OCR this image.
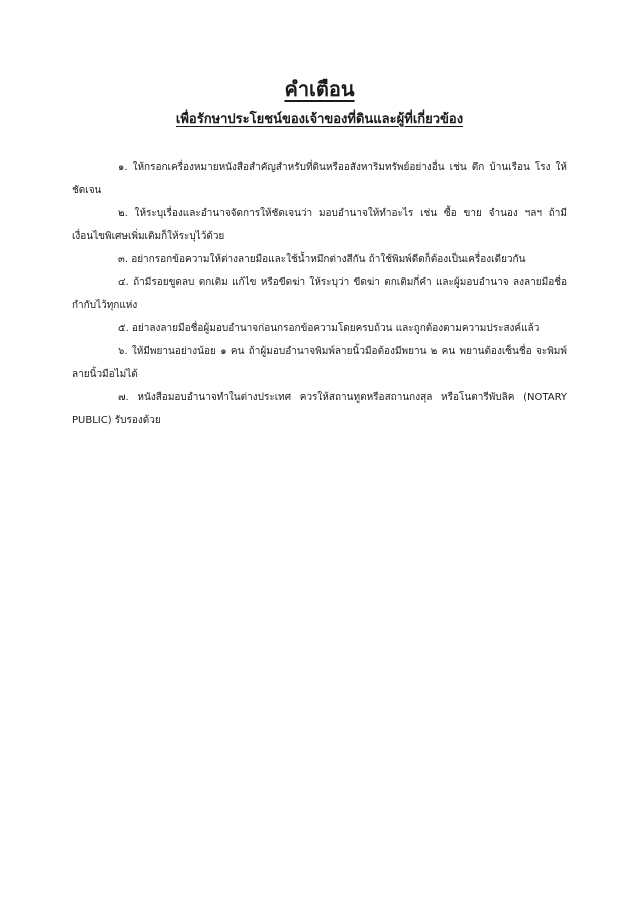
คำเตือน
เพื่อรักษาประโยชน์ของเจ้าของที่ดินและผู้ที่เกี่ยวข้อง

๑. ให้กรอกเครื่องหมายหนังสือสำคัญสำหรับที่ดินหรืออสังหาริมทรัพย์อย่างอื่น เช่น ตึก บ้านเรือน โรง ให้ชัดเจน

๒. ให้ระบุเรื่องและอำนาจจัดการให้ชัดเจนว่า มอบอำนาจให้ทำอะไร เช่น ซื้อ ขาย จำนอง ฯลฯ ถ้ามีเงื่อนไขพิเศษเพิ่มเติมก็ให้ระบุไว้ด้วย

๓. อย่ากรอกข้อความให้ต่างลายมือและใช้น้ำหมึกต่างสีกัน ถ้าใช้พิมพ์ดีดก็ต้องเป็นเครื่องเดียวกัน

๔. ถ้ามีรอยขูดลบ ตกเติม แก้ไข หรือขีดฆ่า ให้ระบุว่า ขีดฆ่า ตกเติมกี่คำ และผู้มอบอำนาจ ลงลายมือชื่อกำกับไว้ทุกแห่ง

๕. อย่าลงลายมือชื่อผู้มอบอำนาจก่อนกรอกข้อความโดยครบถ้วน และถูกต้องตามความประสงค์แล้ว

๖. ให้มีพยานอย่างน้อย ๑ คน ถ้าผู้มอบอำนาจพิมพ์ลายนิ้วมือต้องมีพยาน ๒ คน พยานต้องเซ็นชื่อ จะพิมพ์ลายนิ้วมือไม่ได้

๗. หนังสือมอบอำนาจทำในต่างประเทศ ควรให้สถานทูตหรือสถานกงสุล หรือโนตารีพับลิค (NOTARY PUBLIC) รับรองด้วย
